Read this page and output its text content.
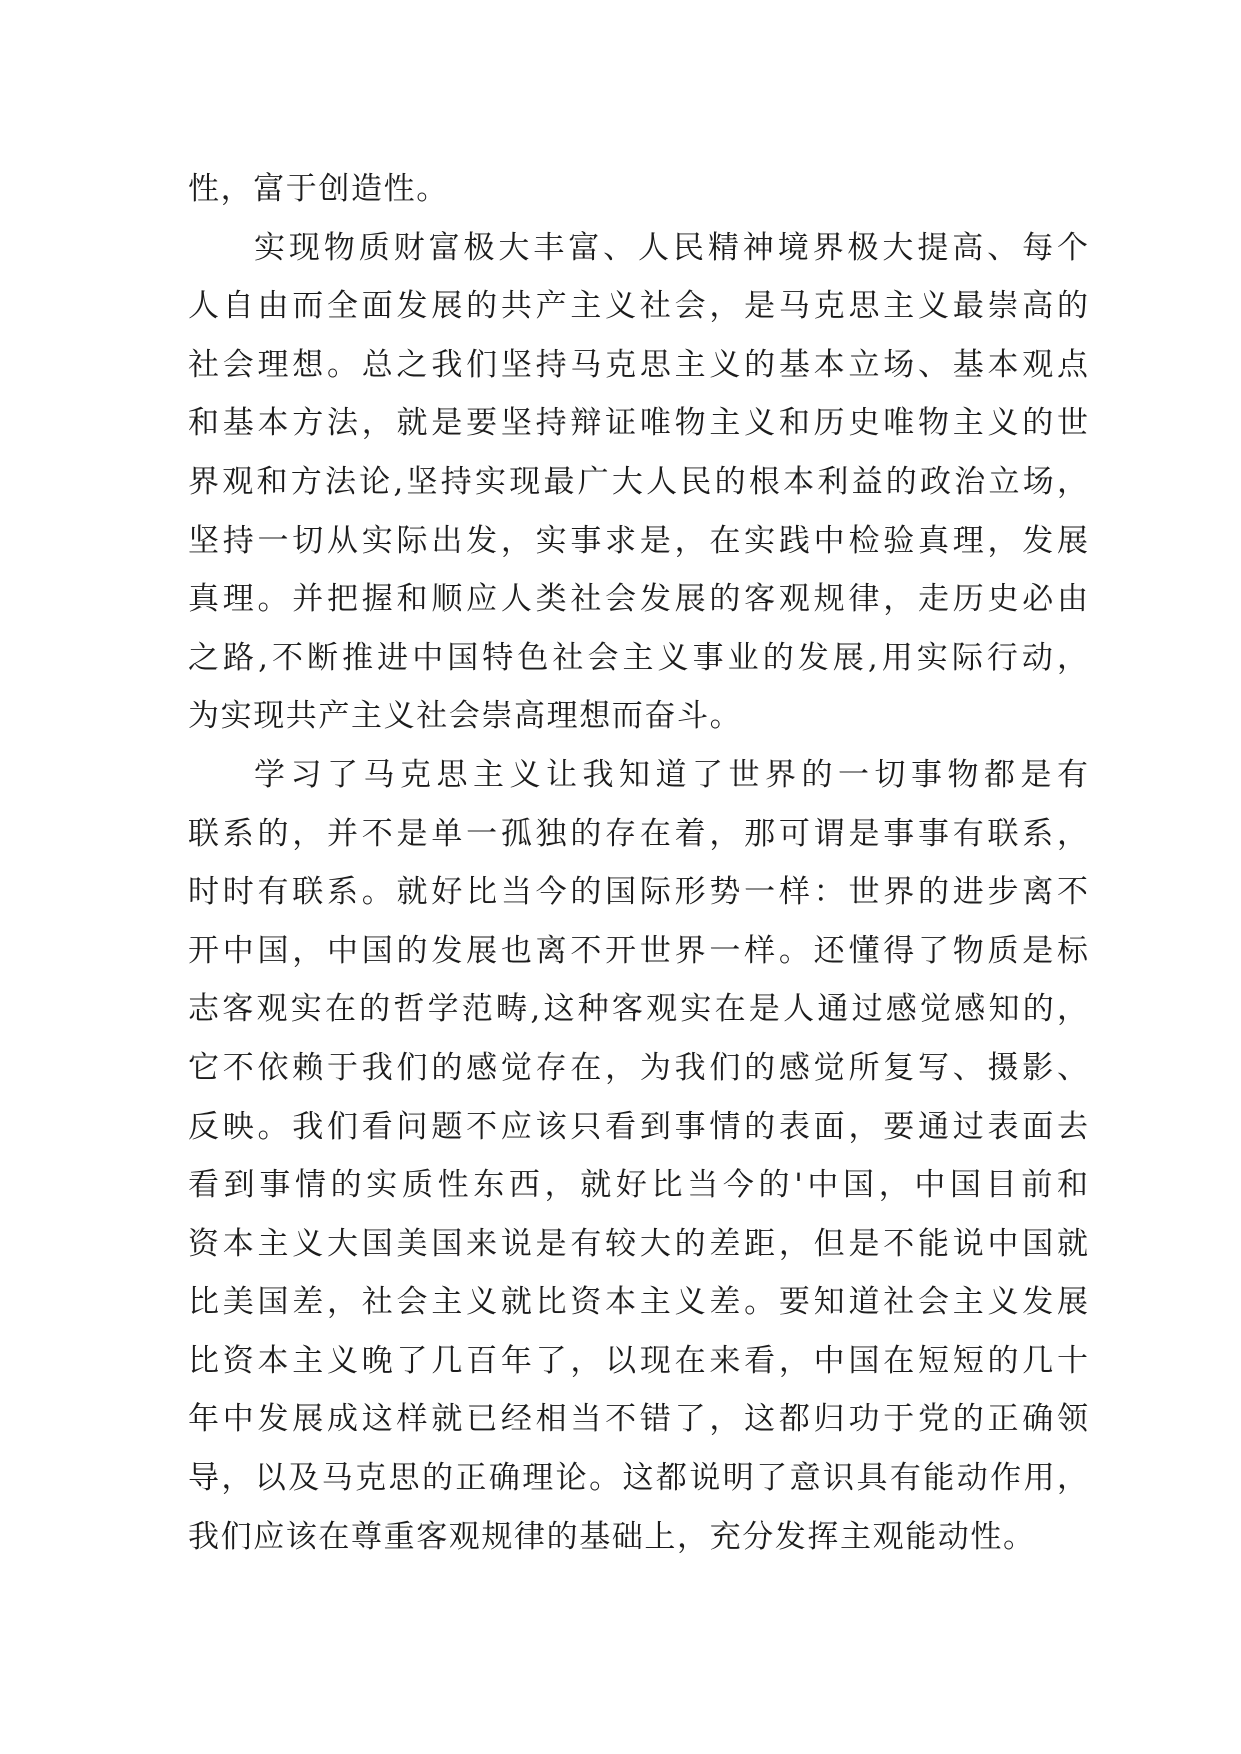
性，富于创造性。
实现物质财富极大丰富、人民精神境界极大提高、每个
人自由而全面发展的共产主义社会，是马克思主义最崇高的
社会理想。总之我们坚持马克思主义的基本立场、基本观点
和基本方法，就是要坚持辩证唯物主义和历史唯物主义的世
界观和方法论,坚持实现最广大人民的根本利益的政治立场，
坚持一切从实际出发，实事求是，在实践中检验真理，发展
真理。并把握和顺应人类社会发展的客观规律，走历史必由
之路,不断推进中国特色社会主义事业的发展,用实际行动，
为实现共产主义社会崇高理想而奋斗。
学习了马克思主义让我知道了世界的一切事物都是有
联系的，并不是单一孤独的存在着，那可谓是事事有联系，
时时有联系。就好比当今的国际形势一样：世界的进步离不
开中国，中国的发展也离不开世界一样。还懂得了物质是标
志客观实在的哲学范畴,这种客观实在是人通过感觉感知的，
它不依赖于我们的感觉存在，为我们的感觉所复写、摄影、
反映。我们看问题不应该只看到事情的表面，要通过表面去
看到事情的实质性东西，就好比当今的'中国，中国目前和
资本主义大国美国来说是有较大的差距，但是不能说中国就
比美国差，社会主义就比资本主义差。要知道社会主义发展
比资本主义晚了几百年了，以现在来看，中国在短短的几十
年中发展成这样就已经相当不错了，这都归功于党的正确领
导，以及马克思的正确理论。这都说明了意识具有能动作用，
我们应该在尊重客观规律的基础上，充分发挥主观能动性。
